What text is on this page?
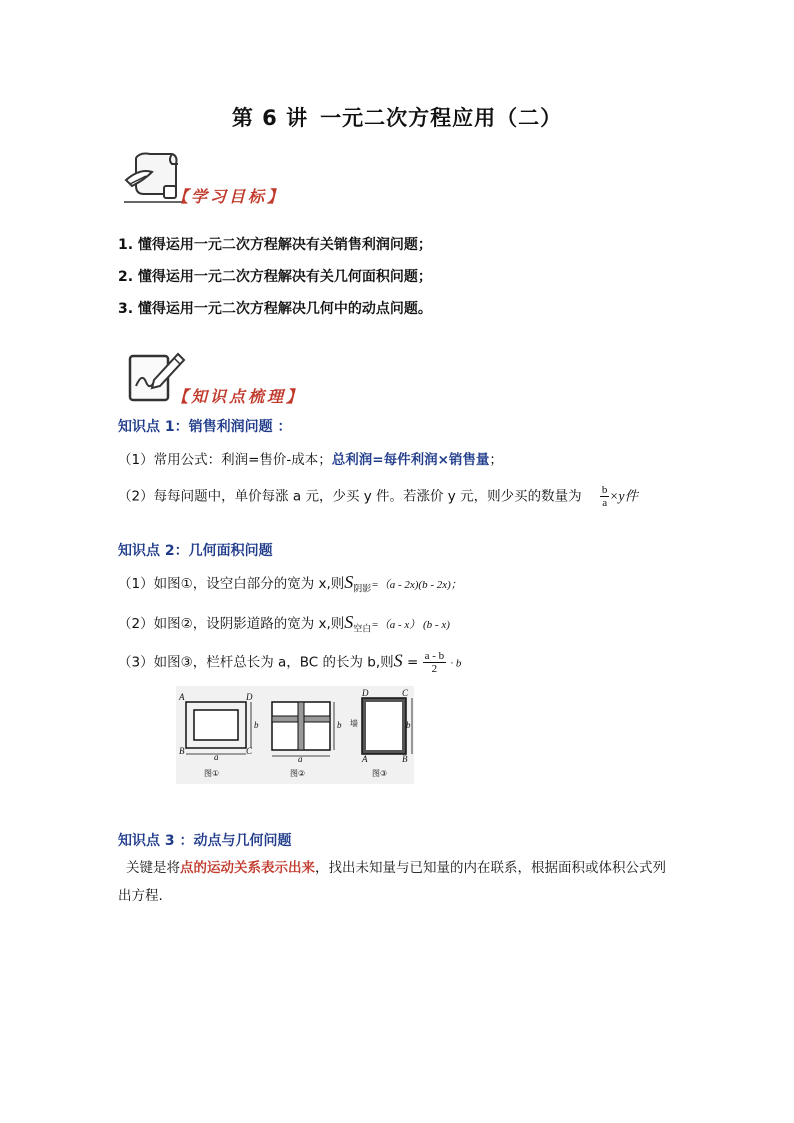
第 6 讲 一元二次方程应用（二）
【学习目标】
1. 懂得运用一元二次方程解决有关销售利润问题；
2. 懂得运用一元二次方程解决有关几何面积问题；
3. 懂得运用一元二次方程解决几何中的动点问题。
【知识点梳理】
知识点 1：销售利润问题 ：
（1）常用公式：利润=售价-成本；总利润=每件利润×销售量；
（2）每每问题中，单价每涨 a 元，少买 y 件。若涨价 y 元，则少买的数量为 $\frac{b}{a} \times y$件
知识点 2：几何面积问题
（1）如图①，设空白部分的宽为 x,则$S_{阴影}=(a - 2x)(b - 2x)$；
（2）如图②，设阴影道路的宽为 x,则$S_{空白}=(a - x)$ (b - x)
（3）如图③，栏杆总长为 a，BC 的长为 b,则$S = \frac{a - b}{2} \cdot b$
A	D
B	C
a
b
图①
a
b
图②
D	C
A	B
b
墙
图③
知识点 3 ：动点与几何问题
关键是将点的运动关系表示出来，找出未知量与已知量的内在联系，根据面积或体积公式列出方程.
